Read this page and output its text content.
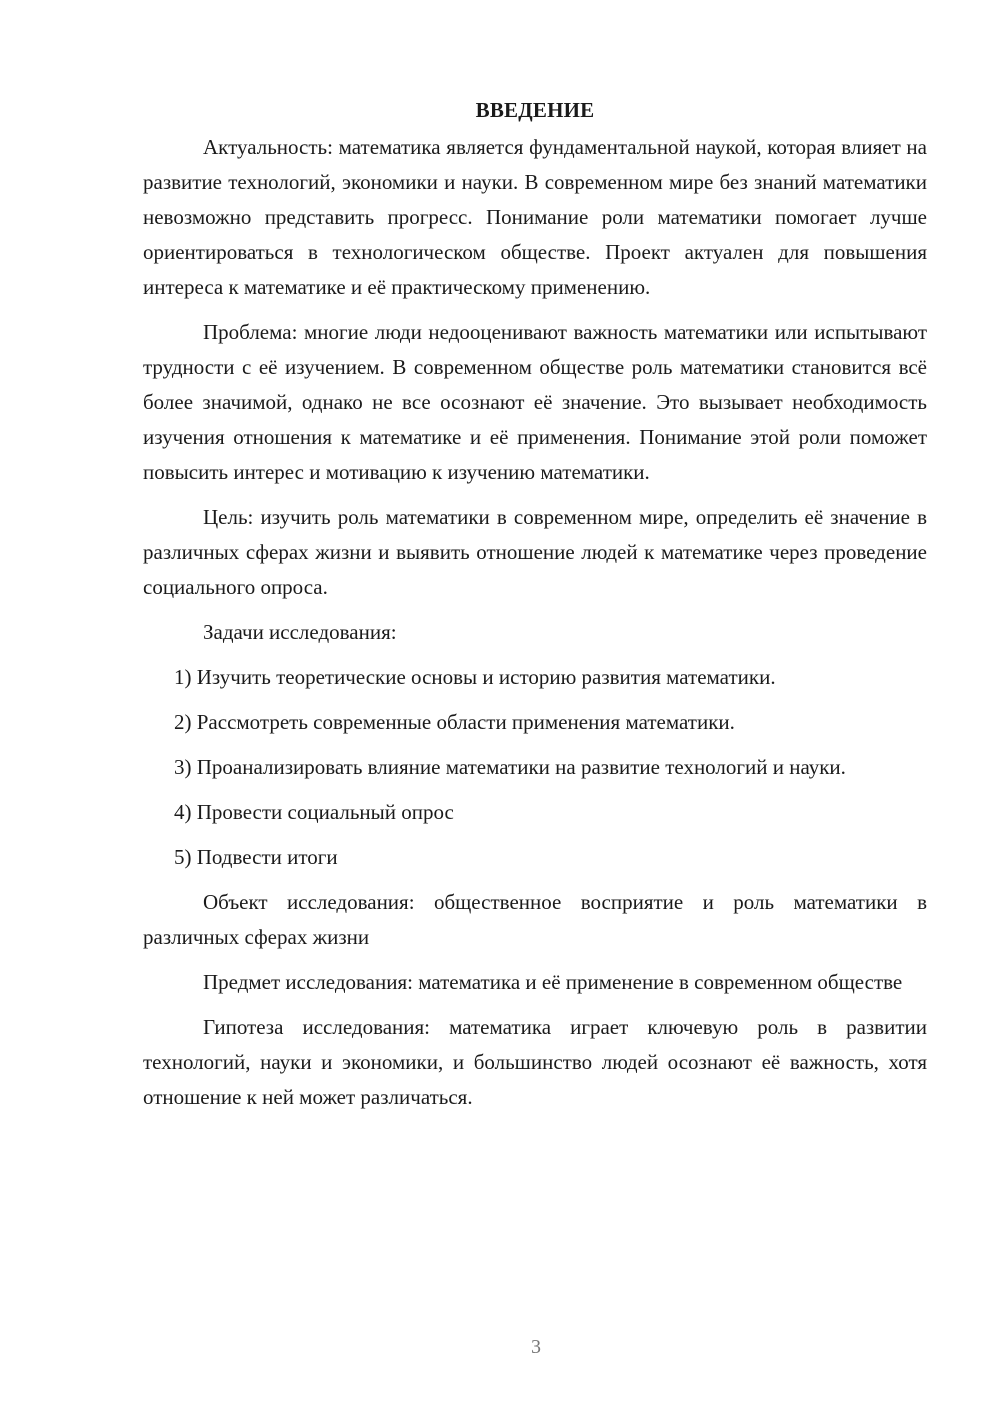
ВВЕДЕНИЕ

Актуальность: математика является фундаментальной наукой, которая влияет на развитие технологий, экономики и науки. В современном мире без знаний математики невозможно представить прогресс. Понимание роли математики помогает лучше ориентироваться в технологическом обществе. Проект актуален для повышения интереса к математике и её практическому применению.

Проблема: многие люди недооценивают важность математики или испытывают трудности с её изучением. В современном обществе роль математики становится всё более значимой, однако не все осознают её значение. Это вызывает необходимость изучения отношения к математике и её применения. Понимание этой роли поможет повысить интерес и мотивацию к изучению математики.

Цель: изучить роль математики в современном мире, определить её значение в различных сферах жизни и выявить отношение людей к математике через проведение социального опроса.

Задачи исследования:

1) Изучить теоретические основы и историю развития математики.

2) Рассмотреть современные области применения математики.

3) Проанализировать влияние математики на развитие технологий и науки.

4) Провести социальный опрос

5) Подвести итоги

Объект исследования: общественное восприятие и роль математики в различных сферах жизни

Предмет исследования: математика и её применение в современном обществе

Гипотеза исследования: математика играет ключевую роль в развитии технологий, науки и экономики, и большинство людей осознают её важность, хотя отношение к ней может различаться.

3
